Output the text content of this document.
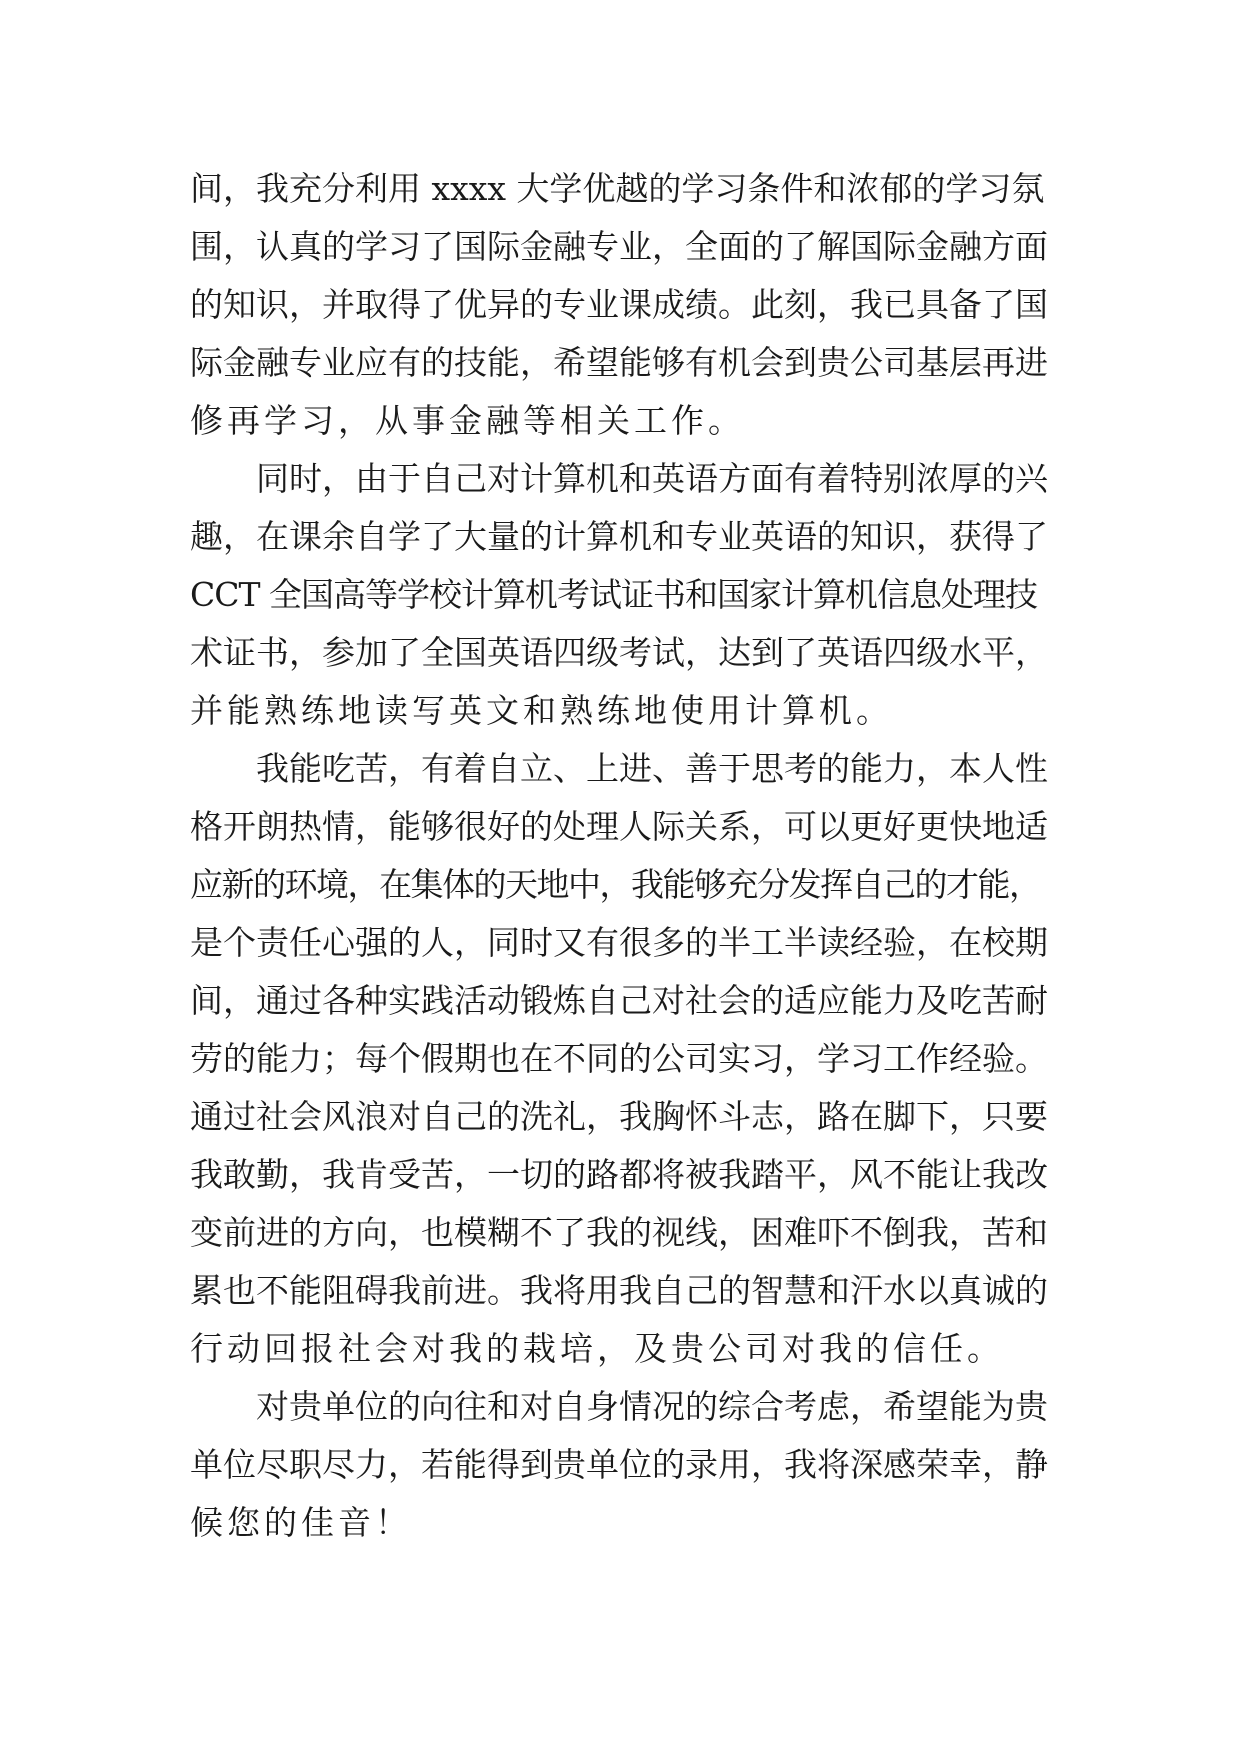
间，我充分利用 xxxx 大学优越的学习条件和浓郁的学习氛
围，认真的学习了国际金融专业，全面的了解国际金融方面
的知识，并取得了优异的专业课成绩。此刻，我已具备了国
际金融专业应有的技能，希望能够有机会到贵公司基层再进
修再学习，从事金融等相关工作。
同时，由于自己对计算机和英语方面有着特别浓厚的兴
趣，在课余自学了大量的计算机和专业英语的知识，获得了
CCT 全国高等学校计算机考试证书和国家计算机信息处理技
术证书，参加了全国英语四级考试，达到了英语四级水平，
并能熟练地读写英文和熟练地使用计算机。
我能吃苦，有着自立、上进、善于思考的能力，本人性
格开朗热情，能够很好的处理人际关系，可以更好更快地适
应新的环境，在集体的天地中，我能够充分发挥自己的才能，
是个责任心强的人，同时又有很多的半工半读经验，在校期
间，通过各种实践活动锻炼自己对社会的适应能力及吃苦耐
劳的能力；每个假期也在不同的公司实习，学习工作经验。
通过社会风浪对自己的洗礼，我胸怀斗志，路在脚下，只要
我敢勤，我肯受苦，一切的路都将被我踏平，风不能让我改
变前进的方向，也模糊不了我的视线，困难吓不倒我，苦和
累也不能阻碍我前进。我将用我自己的智慧和汗水以真诚的
行动回报社会对我的栽培，及贵公司对我的信任。
对贵单位的向往和对自身情况的综合考虑，希望能为贵
单位尽职尽力，若能得到贵单位的录用，我将深感荣幸，静
候您的佳音！
